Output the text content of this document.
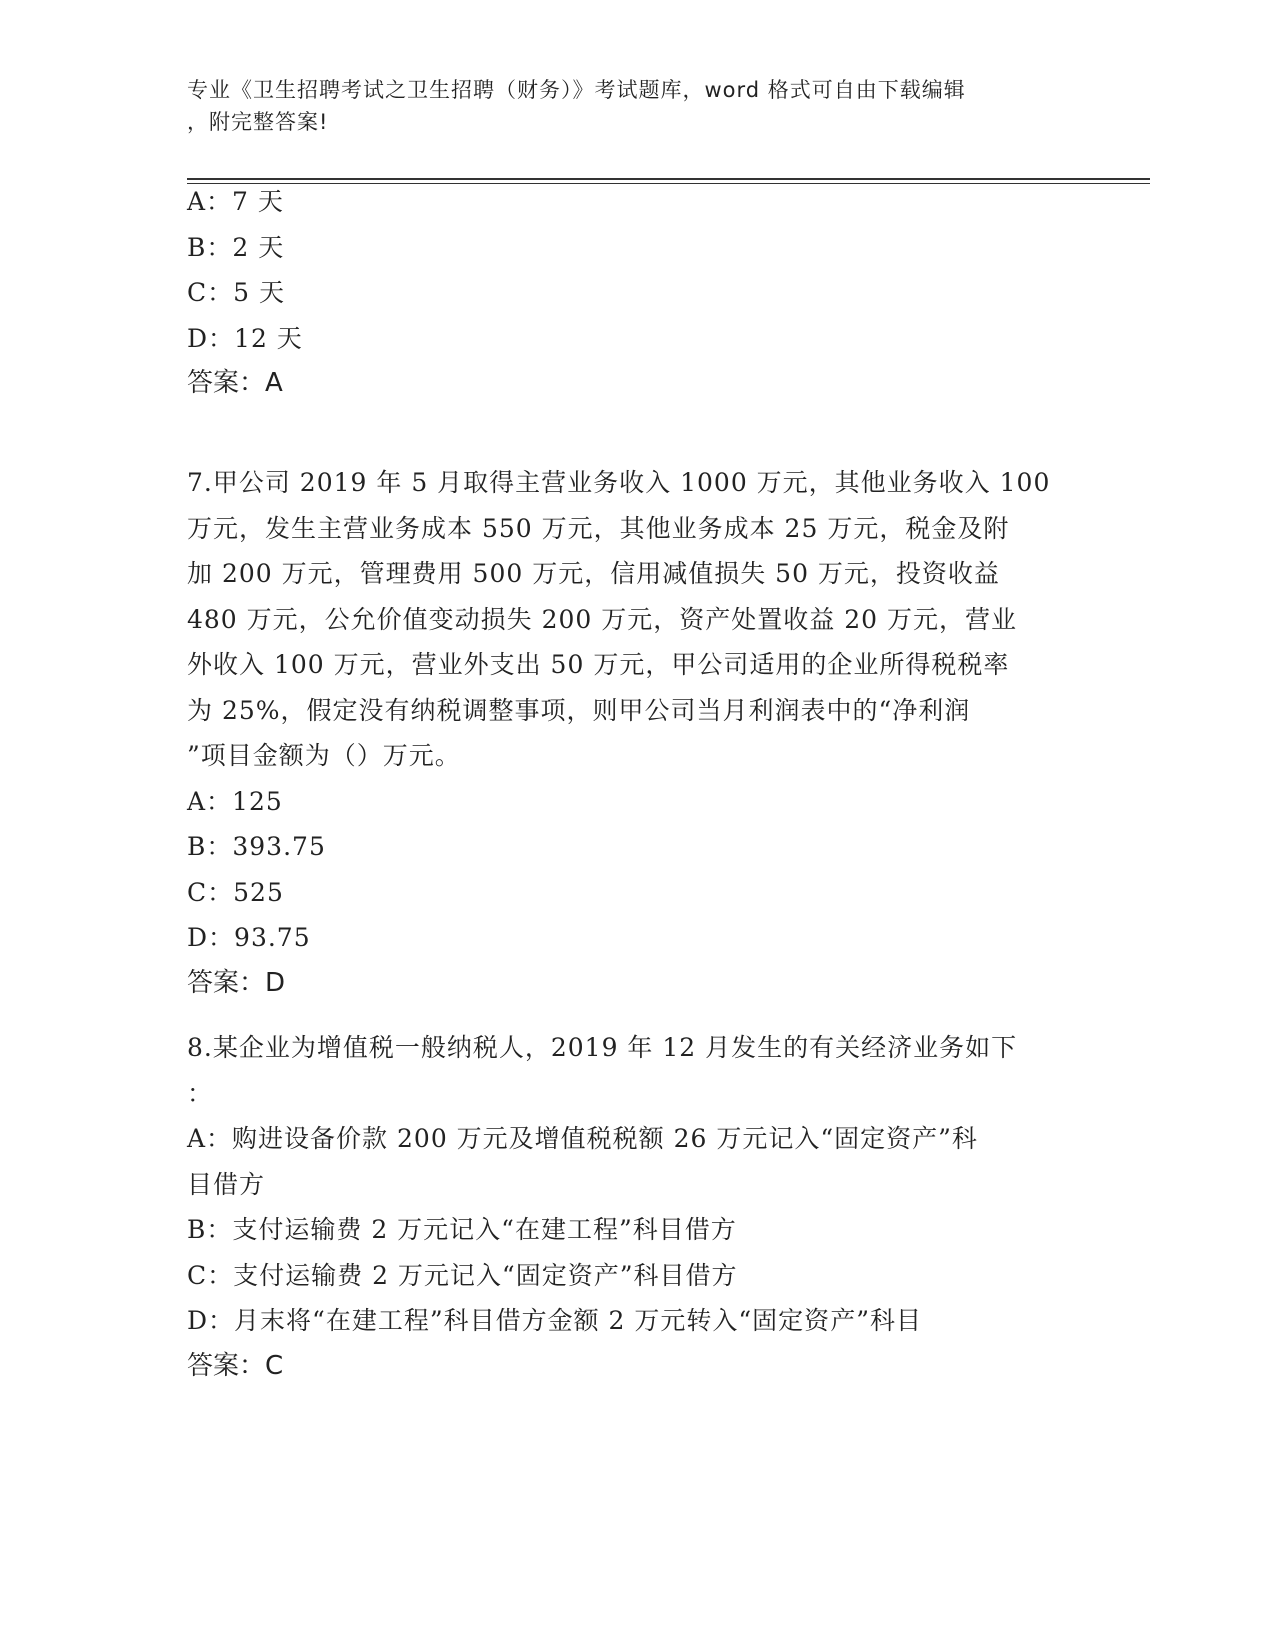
专业《卫生招聘考试之卫生招聘（财务）》考试题库，word 格式可自由下载编辑
，附完整答案!
A：7 天
B：2 天
C：5 天
D：12 天
答案：A
7.甲公司 2019 年 5 月取得主营业务收入 1000 万元，其他业务收入 100
万元，发生主营业务成本 550 万元，其他业务成本 25 万元，税金及附
加 200 万元，管理费用 500 万元，信用减值损失 50 万元，投资收益
480 万元，公允价值变动损失 200 万元，资产处置收益 20 万元，营业
外收入 100 万元，营业外支出 50 万元，甲公司适用的企业所得税税率
为 25%，假定没有纳税调整事项，则甲公司当月利润表中的“净利润
”项目金额为（）万元。
A：125
B：393.75
C：525
D：93.75
答案：D
8.某企业为增值税一般纳税人，2019 年 12 月发生的有关经济业务如下
：
A：购进设备价款 200 万元及增值税税额 26 万元记入“固定资产”科
目借方
B：支付运输费 2 万元记入“在建工程”科目借方
C：支付运输费 2 万元记入“固定资产”科目借方
D：月末将“在建工程”科目借方金额 2 万元转入“固定资产”科目
答案：C
